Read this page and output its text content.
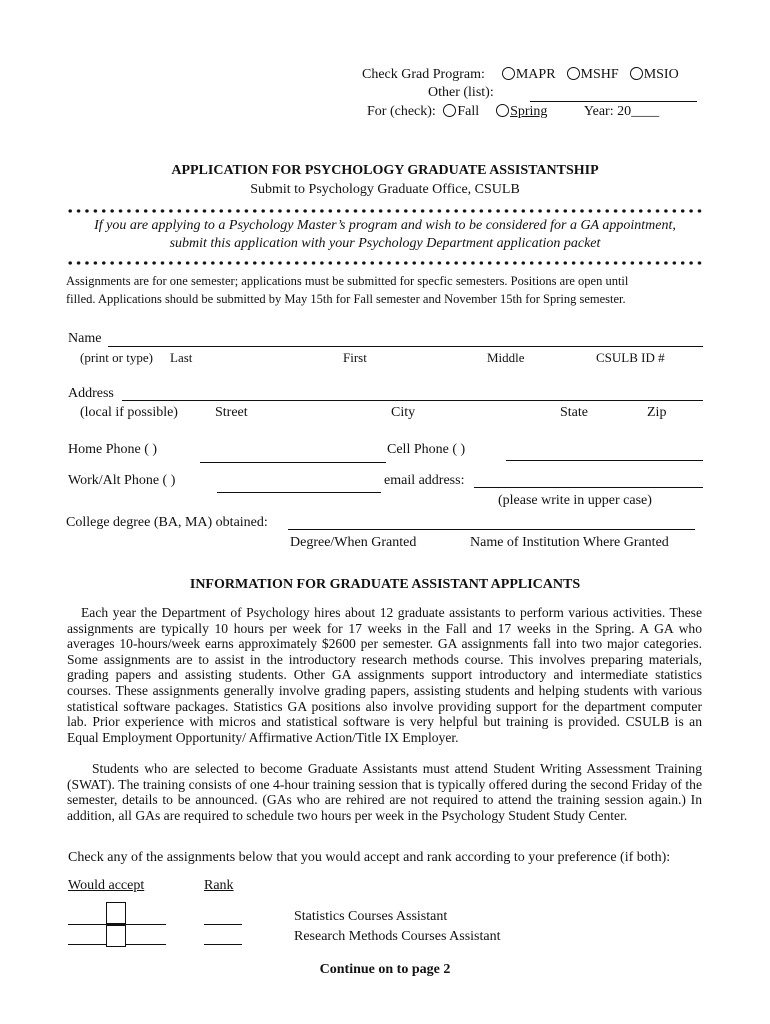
Check Grad Program: MAPR MSHF MSIO
Other (list):
For (check): Fall Spring	Year: 20____
APPLICATION FOR PSYCHOLOGY GRADUATE ASSISTANTSHIP
Submit to Psychology Graduate Office, CSULB
If you are applying to a Psychology Master’s program and wish to be considered for a GA appointment,
submit this application with your Psychology Department application packet
Assignments are for one semester; applications must be submitted for specfic semesters. Positions are open until
filled. Applications should be submitted by May 15th for Fall semester and November 15th for Spring semester.
Name
(print or type) Last	First	Middle	CSULB ID #
Address
(local if possible)	Street	City	State	Zip
Home Phone ( )	Cell Phone ( )
Work/Alt Phone ( )	email address:
(please write in upper case)
College degree (BA, MA) obtained:
Degree/When Granted	Name of Institution Where Granted
INFORMATION FOR GRADUATE ASSISTANT APPLICANTS
Each year the Department of Psychology hires about 12 graduate assistants to perform various activities. These assignments are typically 10 hours per week for 17 weeks in the Fall and 17 weeks in the Spring. A GA who averages 10-hours/week earns approximately $2600 per semester. GA assignments fall into two major categories. Some assignments are to assist in the introductory research methods course. This involves preparing materials, grading papers and assisting students. Other GA assignments support introductory and intermediate statistics courses. These assignments generally involve grading papers, assisting students and helping students with various statistical software packages. Statistics GA positions also involve providing support for the department computer lab. Prior experience with micros and statistical software is very helpful but training is provided. CSULB is an Equal Employment Opportunity/ Affirmative Action/Title IX Employer.
Students who are selected to become Graduate Assistants must attend Student Writing Assessment Training (SWAT). The training consists of one 4-hour training session that is typically offered during the second Friday of the semester, details to be announced. (GAs who are rehired are not required to attend the training session again.) In addition, all GAs are required to schedule two hours per week in the Psychology Student Study Center.
Check any of the assignments below that you would accept and rank according to your preference (if both):
Would accept	Rank
Statistics Courses Assistant
Research Methods Courses Assistant
Continue on to page 2
